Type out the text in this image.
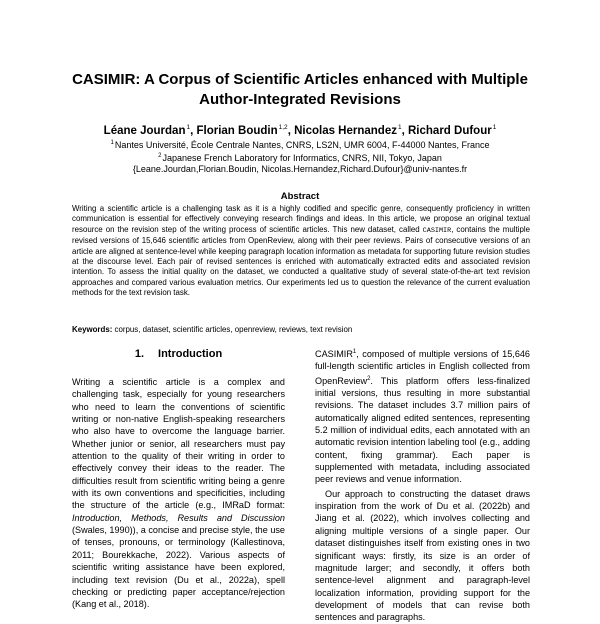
CASIMIR: A Corpus of Scientific Articles enhanced with Multiple
Author-Integrated Revisions
Léane Jourdan$^1$, Florian Boudin$^{1,2}$, Nicolas Hernandez$^1$, Richard Dufour$^1$
$^1$Nantes Université, École Centrale Nantes, CNRS, LS2N, UMR 6004, F-44000 Nantes, France
$^2$Japanese French Laboratory for Informatics, CNRS, NII, Tokyo, Japan
{Leane.Jourdan,Florian.Boudin, Nicolas.Hernandez,Richard.Dufour}@univ-nantes.fr
Abstract
Writing a scientific article is a challenging task as it is a highly codified and specific genre, consequently proficiency in written communication is essential for effectively conveying research findings and ideas. In this article, we propose an original textual resource on the revision step of the writing process of scientific articles. This new dataset, called CASIMIR, contains the multiple revised versions of 15,646 scientific articles from OpenReview, along with their peer reviews. Pairs of consecutive versions of an article are aligned at sentence-level while keeping paragraph location information as metadata for supporting future revision studies at the discourse level. Each pair of revised sentences is enriched with automatically extracted edits and associated revision intention. To assess the initial quality on the dataset, we conducted a qualitative study of several state-of-the-art text revision approaches and compared various evaluation metrics. Our experiments led us to question the relevance of the current evaluation methods for the text revision task.
Keywords: corpus, dataset, scientific articles, openreview, reviews, text revision
1. Introduction

Writing a scientific article is a complex and challenging task, especially for young researchers who need to learn the conventions of scientific writing or non-native English-speaking researchers who also have to overcome the language barrier. Whether junior or senior, all researchers must pay attention to the quality of their writing in order to effectively convey their ideas to the reader. The difficulties result from scientific writing being a genre with its own conventions and specificities, including the structure of the article (e.g., IMRaD format: Introduction, Methods, Results and Discussion (Swales, 1990)), a concise and precise style, the use of tenses, pronouns, or terminology (Kallestinova, 2011; Bourekkache, 2022). Various aspects of scientific writing assistance have been explored, including text revision (Du et al., 2022a), spell checking or predicting paper acceptance/rejection (Kang et al., 2018).

CASIMIR$^1$, composed of multiple versions of 15,646 full-length scientific articles in English collected from OpenReview$^2$. This platform offers less-finalized initial versions, thus resulting in more substantial revisions. The dataset includes 3.7 million pairs of automatically aligned edited sentences, representing 5.2 million of individual edits, each annotated with an automatic revision intention labeling tool (e.g., adding content, fixing grammar). Each paper is supplemented with metadata, including associated peer reviews and venue information.

Our approach to constructing the dataset draws inspiration from the work of Du et al. (2022b) and Jiang et al. (2022), which involves collecting and aligning multiple versions of a single paper. Our dataset distinguishes itself from existing ones in two significant ways: firstly, its size is an order of magnitude larger; and secondly, it offers both sentence-level alignment and paragraph-level localization information, providing support for the development of models that can revise both sentences and paragraphs.
